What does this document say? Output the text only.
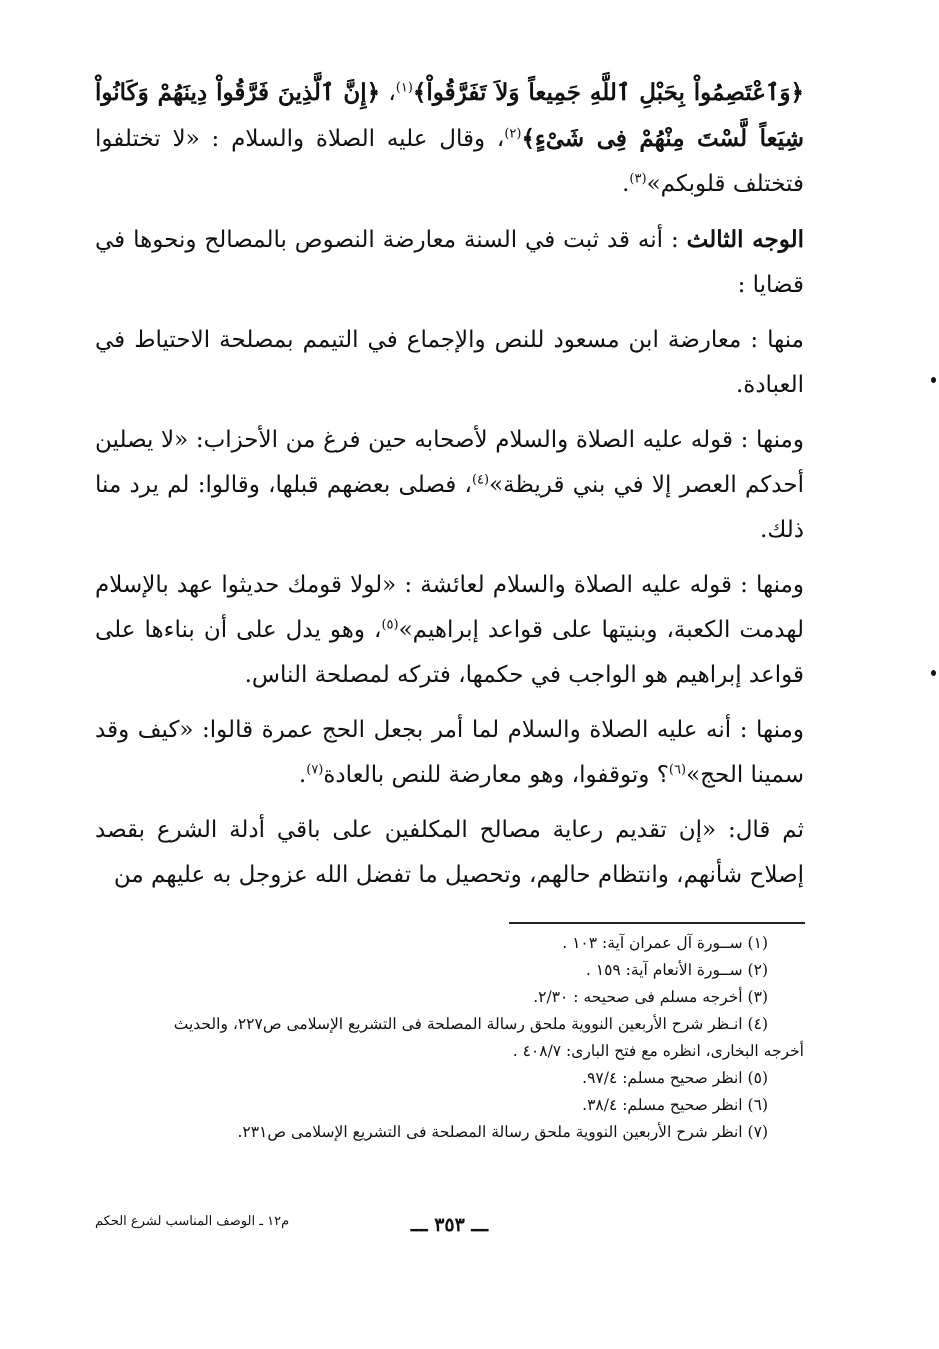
﴿وَٱعْتَصِمُواْ بِحَبْلِ ٱللَّهِ جَمِيعاً وَلاَ تَفَرَّقُواْ﴾$^{(١)}$، ﴿إِنَّ ٱلَّذِينَ فَرَّقُواْ دِينَهُمْ وَكَانُواْ شِيَعاً لَّسْتَ مِنْهُمْ فِى شَىْءٍ﴾$^{(٢)}$، وقال عليه الصلاة والسلام : «لا تختلفوا فتختلف قلوبكم»$^{(٣)}$.

الوجه الثالث : أنه قد ثبت في السنة معارضة النصوص بالمصالح ونحوها في قضايا :

منها : معارضة ابن مسعود للنص والإجماع في التيمم بمصلحة الاحتياط في العبادة.

ومنها : قوله عليه الصلاة والسلام لأصحابه حين فرغ من الأحزاب: «لا يصلين أحدكم العصر إلا في بني قريظة»$^{(٤)}$، فصلى بعضهم قبلها، وقالوا: لم يرد منا ذلك.

ومنها : قوله عليه الصلاة والسلام لعائشة : «لولا قومك حديثوا عهد بالإسلام لهدمت الكعبة، وبنيتها على قواعد إبراهيم»$^{(٥)}$، وهو يدل على أن بناءها على قواعد إبراهيم هو الواجب في حكمها، فتركه لمصلحة الناس.

ومنها : أنه عليه الصلاة والسلام لما أمر بجعل الحج عمرة قالوا: «كيف وقد سمينا الحج»$^{(٦)}$؟ وتوقفوا، وهو معارضة للنص بالعادة$^{(٧)}$.

ثم قال: «إن تقديم رعاية مصالح المكلفين على باقي أدلة الشرع بقصد إصلاح شأنهم، وانتظام حالهم، وتحصيل ما تفضل الله عزوجل به عليهم من

(١) ســورة آل عمران آية: ١٠٣ .

(٢) ســورة الأنعام آية: ١٥٩ .

(٣) أخرجه مسلم فى صحيحه : ٢/٣٠.

(٤) انـظر شرح الأربعين النووية ملحق رسالة المصلحة فى التشريع الإسلامى ص٢٢٧، والحديث
أخرجه البخارى، انظره مع فتح البارى: ٤٠٨/٧ .

(٥) انظر صحيح مسلم: ٩٧/٤.

(٦) انظر صحيح مسلم: ٣٨/٤.

(٧) انظر شرح الأربعين النووية ملحق رسالة المصلحة فى التشريع الإسلامى ص٢٣١.

ـــ ٣٥٣ ـــ
م١٢ ـ الوصف المناسب لشرع الحكم
